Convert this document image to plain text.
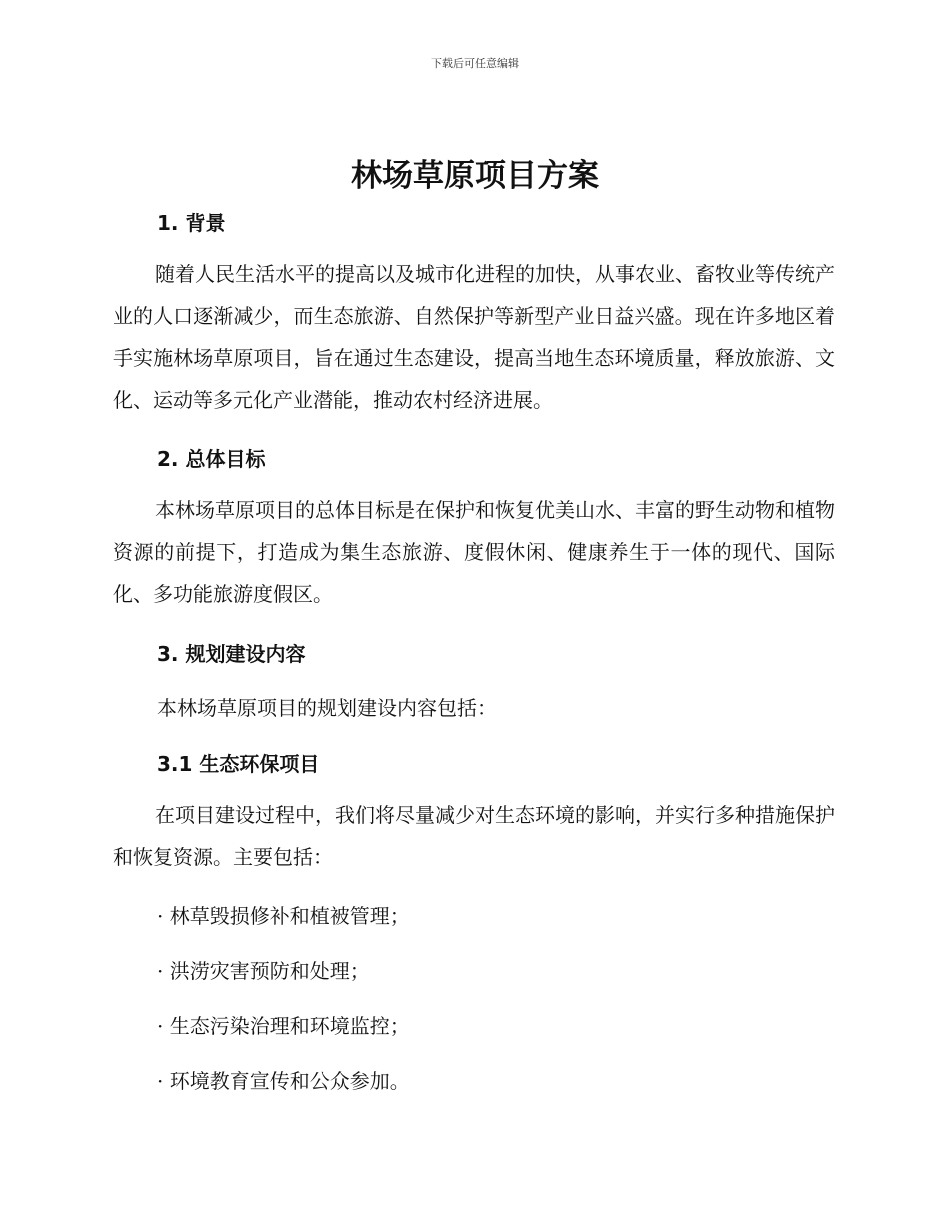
下载后可任意编辑
林场草原项目方案
1. 背景

随着人民生活水平的提高以及城市化进程的加快，从事农业、畜牧业等传统产业的人口逐渐减少，而生态旅游、自然保护等新型产业日益兴盛。现在许多地区着手实施林场草原项目，旨在通过生态建设，提高当地生态环境质量，释放旅游、文化、运动等多元化产业潜能，推动农村经济进展。

2. 总体目标

本林场草原项目的总体目标是在保护和恢复优美山水、丰富的野生动物和植物资源的前提下，打造成为集生态旅游、度假休闲、健康养生于一体的现代、国际化、多功能旅游度假区。

3. 规划建设内容

本林场草原项目的规划建设内容包括：

3.1 生态环保项目

在项目建设过程中，我们将尽量减少对生态环境的影响，并实行多种措施保护和恢复资源。主要包括：

· 林草毁损修补和植被管理；

· 洪涝灾害预防和处理；

· 生态污染治理和环境监控；

· 环境教育宣传和公众参加。
